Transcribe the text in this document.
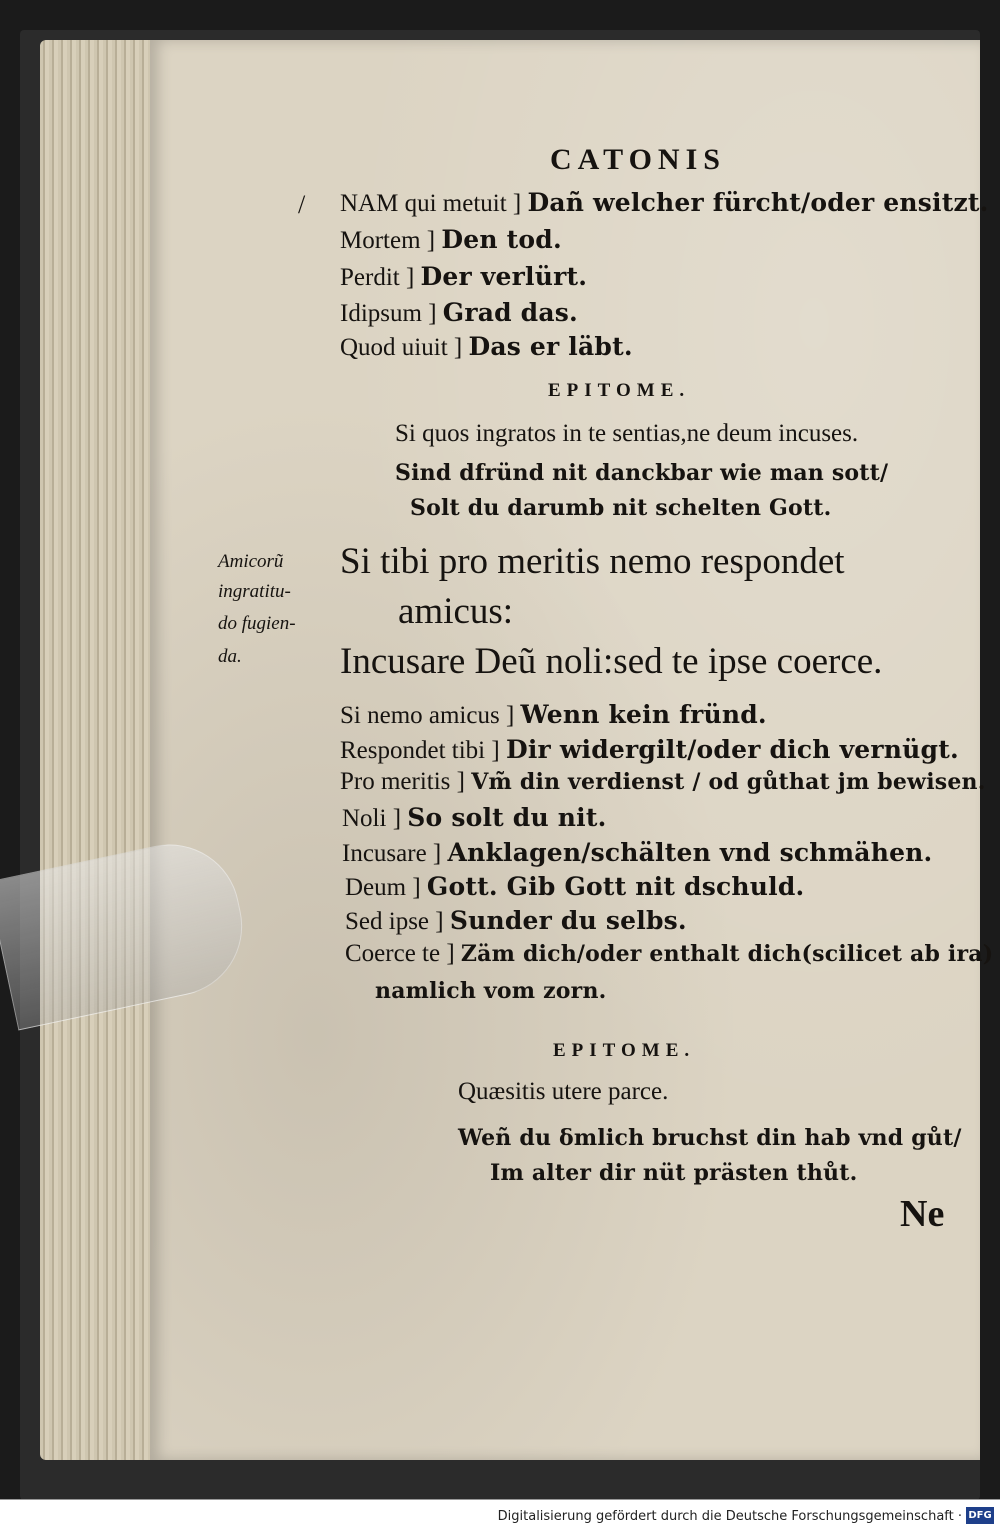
CATONIS
/ NAM qui metuit ] Dañ welcher fürcht/oder ensitzt.
Mortem ] Den tod.
Perdit ] Der verlürt.
Idipsum ] Grad das.
Quod uiuit ] Das er läbt.
EPITOME.
Si quos ingratos in te sentias,ne deum incuses.
Sind dfründ nit danckbar wie man sott/
Solt du darumb nit schelten Gott.
Amicorũ
ingratitu-
do fugien-
da.
Si tibi pro meritis nemo respondet
amicus:
Incusare Deũ noli:sed te ipse coerce.
Si nemo amicus ] Wenn kein fründ.
Respondet tibi ] Dir widergilt/oder dich vernügt.
Pro meritis ] Vm̃ din verdienst / od gůthat jm bewisen.
Noli ] So solt du nit.
Incusare ] Anklagen/schälten vnd schmähen.
Deum ] Gott. Gib Gott nit dschuld.
Sed ipse ] Sunder du selbs.
Coerce te ] Zäm dich/oder enthalt dich(scilicet ab ira)
namlich vom zorn.
EPITOME.
Quæsitis utere parce.
Weñ du ẟmlich bruchst din hab vnd gůt/
Im alter dir nüt prästen thůt.
Ne
Digitalisierung gefördert durch die Deutsche Forschungsgemeinschaft · DFG
